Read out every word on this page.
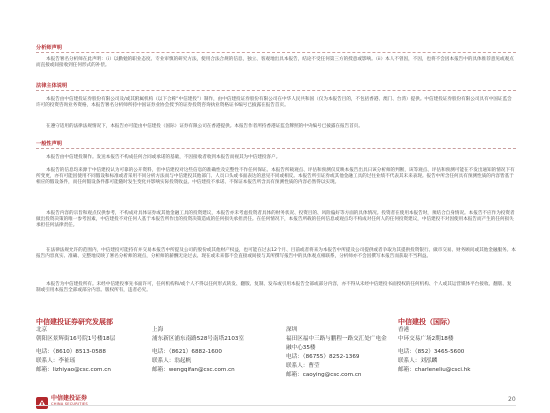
分析师声明

本报告署名分析师在此声明：（i）以勤勉的职业态度、专业审慎的研究方法，使用合法合规的信息，独立、客观地出具本报告，结论不受任何第三方的授意或影响。（ii）本人不曾因，不因，也将不会因本报告中的具体推荐意见或观点而直接或间接收到任何形式的补偿。

法律主体说明

本报告由中信建投证券股份有限公司及/或其附属机构（以下合称“中信建投”）制作，由中信建投证券股份有限公司在中华人民共和国（仅为本报告目的，不包括香港、澳门、台湾）提供。中信建投证券股份有限公司具有中国证监会许可的投资咨询业务资格，本报告署名分析师所持中国证券业协会授予的证券投资咨询执业资格证书编号已披露在报告首页。

在遵守适用的法律法规情况下，本报告亦可能由中信建投（国际）证券有限公司在香港提供。本报告作者所持香港证监会牌照的中央编号已披露在报告首页。

一般性声明

本报告由中信建投制作。发送本报告不构成任何合同或承诺的基础，不因接收者收到本报告而视其为中信建投客户。

本报告的信息均来源于中信建投认为可靠的公开资料，但中信建投对这些信息的准确性及完整性不作任何保证。本报告所载观点、评估和预测仅反映本报告出具日该分析师的判断，该等观点、评估和预测可能在不发出通知的情况下有所变更，亦有可能因使用不同假设和标准或者采用不同分析方法而与中信建投其他部门、人员口头或书面表达的意见不同或相反。本报告所引证券或其他金融工具的过往业绩不代表其未来表现。报告中所含任何具有预测性质的内容皆基于相应的假设条件，而任何假设条件都可能随时发生变化并影响实际投资收益。中信建投不承诺、不保证本报告所含具有预测性质的内容必然得以实现。

本报告内容的宗旨和观点仅供参考，不构成对具体证券或其他金融工具的投资建议，本报告亦未考虑投资者具体的财务状况、投资目的、风险偏好等方面的具体情况。投资者在使用本报告时，须结合自身情况。本报告不应作为投资者做出投资决策的唯一参考因素，中信建投不对任何人基于本报告所作出的投资决策造成的任何损失承担责任。在任何情况下，本报告所载的任何信息或观点均不构成对任何人的任何投资建议，中信建投不对因使用本报告而产生的任何损失承担任何法律责任。

在法律法规允许的范围内，中信建投可能持有并交易本报告中所提及公司的股份或其他财产权益，也可能在过去12个月、目前或者将来为本报告中所提及公司提供或者争取为其提供投资银行、做市交易、财务顾问或其他金融服务。本报告内容真实、准确、完整地反映了署名分析师的观点，分析师的薪酬无论过去、现在或未来都不会直接或间接与其所撰写报告中的具体观点相联系，分析师亦不会因撰写本报告而获取不当利益。

本报告为中信建投所有。未经中信建投事先书面许可，任何机构和/或个人不得以任何形式转发、翻版、复制、发布或引用本报告全部或部分内容，亦不得从未经中信建投书面授权的任何机构、个人或其运营媒体平台接收、翻版、复制或引用本报告全部或部分内容。版权所有，违者必究。

中信建投证券研究发展部	中信建投（国际）
北京
朝阳区景辉街16号院1号楼18层
电话：（8610）8513-0588
联系人：李祉瑶
邮箱：lizhiyao@csc.com.cn
上海
浦东新区浦东南路528号南塔2103室
电话：（8621）6882-1600
联系人：翁起帆
邮箱：wengqifan@csc.com.cn
深圳
福田区福中三路与鹏程一路交汇处广电金融中心35楼
电话：（86755）8252-1369
联系人：曹莹
邮箱：caoying@csc.com.cn
香港
中环交易广场2期18楼
电话：（852）3465-5600
联系人：刘泓麟
邮箱：charleneliu@csci.hk
中信建投证券
CHINA SECURITIES
20
